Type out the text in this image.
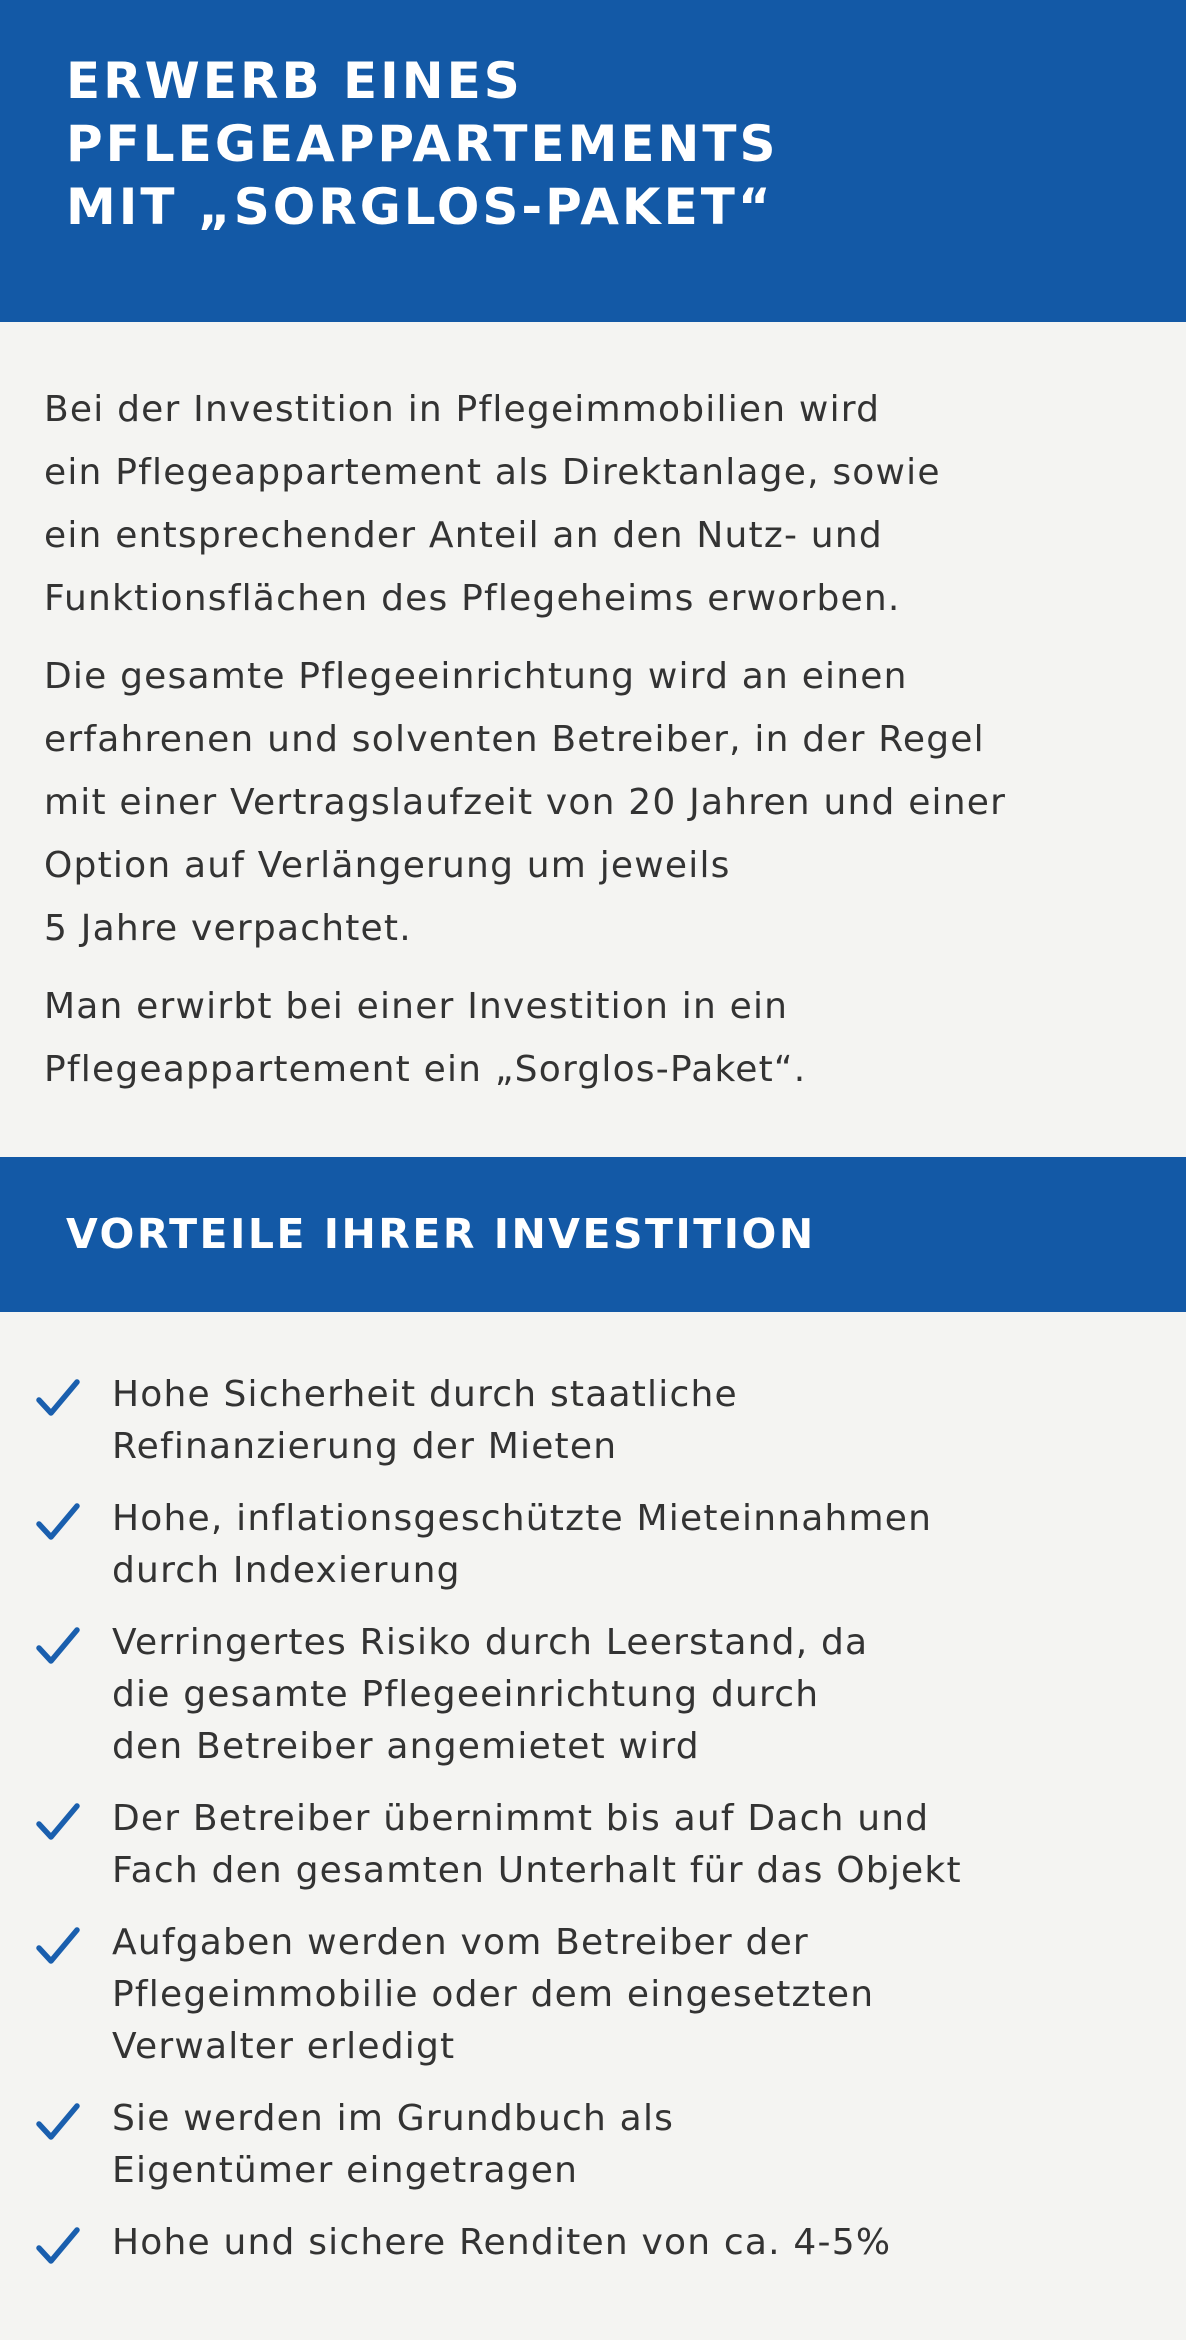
ERWERB EINES
PFLEGEAPPARTEMENTS
MIT „SORGLOS-PAKET“

Bei der Investition in Pflegeimmobilien wird
ein Pflegeappartement als Direktanlage, sowie
ein entsprechender Anteil an den Nutz- und
Funktionsflächen des Pflegeheims erworben.

Die gesamte Pflegeeinrichtung wird an einen
erfahrenen und solventen Betreiber, in der Regel
mit einer Vertragslaufzeit von 20 Jahren und einer
Option auf Verlängerung um jeweils
5 Jahre verpachtet.

Man erwirbt bei einer Investition in ein
Pflegeappartement ein „Sorglos-Paket“.

VORTEILE IHRER INVESTITION
Hohe Sicherheit durch staatliche
Refinanzierung der Mieten
Hohe, inflationsgeschützte Mieteinnahmen
durch Indexierung
Verringertes Risiko durch Leerstand, da
die gesamte Pflegeeinrichtung durch
den Betreiber angemietet wird
Der Betreiber übernimmt bis auf Dach und
Fach den gesamten Unterhalt für das Objekt
Aufgaben werden vom Betreiber der
Pflegeimmobilie oder dem eingesetzten
Verwalter erledigt
Sie werden im Grundbuch als
Eigentümer eingetragen
Hohe und sichere Renditen von ca. 4-5%
